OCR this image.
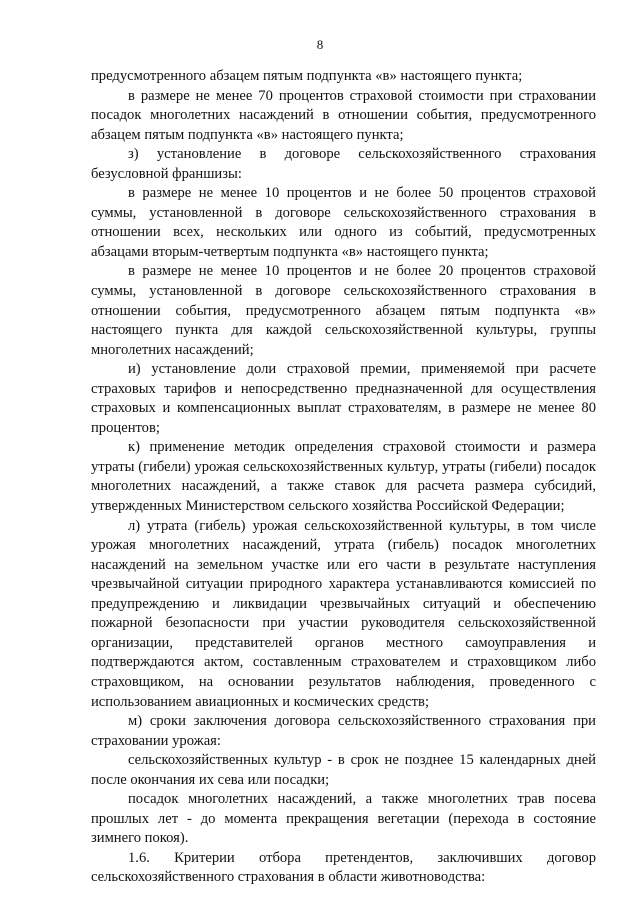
8

предусмотренного абзацем пятым подпункта «в» настоящего пункта;

в размере не менее 70 процентов страховой стоимости при страховании посадок многолетних насаждений в отношении события, предусмотренного абзацем пятым подпункта «в» настоящего пункта;

з) установление в договоре сельскохозяйственного страхования безусловной франшизы:

в размере не менее 10 процентов и не более 50 процентов страховой суммы, установленной в договоре сельскохозяйственного страхования в отношении всех, нескольких или одного из событий, предусмотренных абзацами вторым-четвертым подпункта «в» настоящего пункта;

в размере не менее 10 процентов и не более 20 процентов страховой суммы, установленной в договоре сельскохозяйственного страхования в отношении события, предусмотренного абзацем пятым подпункта «в» настоящего пункта для каждой сельскохозяйственной культуры, группы многолетних насаждений;

и) установление доли страховой премии, применяемой при расчете страховых тарифов и непосредственно предназначенной для осуществления страховых и компенсационных выплат страхователям, в размере не менее 80 процентов;

к) применение методик определения страховой стоимости и размера утраты (гибели) урожая сельскохозяйственных культур, утраты (гибели) посадок многолетних насаждений, а также ставок для расчета размера субсидий, утвержденных Министерством сельского хозяйства Российской Федерации;

л) утрата (гибель) урожая сельскохозяйственной культуры, в том числе урожая многолетних насаждений, утрата (гибель) посадок многолетних насаждений на земельном участке или его части в результате наступления чрезвычайной ситуации природного характера устанавливаются комиссией по предупреждению и ликвидации чрезвычайных ситуаций и обеспечению пожарной безопасности при участии руководителя сельскохозяйственной организации, представителей органов местного самоуправления и подтверждаются актом, составленным страхователем и страховщиком либо страховщиком, на основании результатов наблюдения, проведенного с использованием авиационных и космических средств;

м) сроки заключения договора сельскохозяйственного страхования при страховании урожая:

сельскохозяйственных культур - в срок не позднее 15 календарных дней после окончания их сева или посадки;

посадок многолетних насаждений, а также многолетних трав посева прошлых лет - до момента прекращения вегетации (перехода в состояние зимнего покоя).

1.6. Критерии отбора претендентов, заключивших договор сельскохозяйственного страхования в области животноводства:
